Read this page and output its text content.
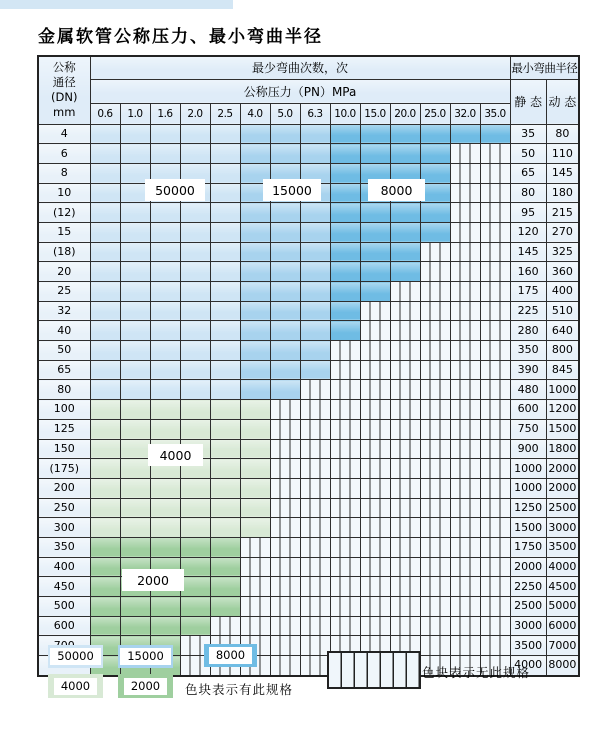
金属软管公称压力、最小弯曲半径
公称
通径
(DN)
mm	最少弯曲次数，次														最小弯曲半径	
	公称压力（PN）MPa														静 态	动 态
	0.6	1.0	1.6	2.0	2.5	4.0	5.0	6.3	10.0	15.0	20.0	25.0	32.0	35.0		
4															35	80
6															50	110
8															65	145
10															80	180
(12)															95	215
15															120	270
(18)															145	325
20															160	360
25															175	400
32															225	510
40															280	640
50															350	800
65															390	845
80															480	1000
100															600	1200
125															750	1500
150															900	1800
(175)															1000	2000
200															1000	2000
250															1250	2500
300															1500	3000
350															1750	3500
400															2000	4000
450															2250	4500
500															2500	5000
600															3000	6000
															3500	7000
															4000	8000
50000	15000	8000
4000
2000
色块表示有此规格
色块表示无此规格
50000	15000	8000
4000	2000
